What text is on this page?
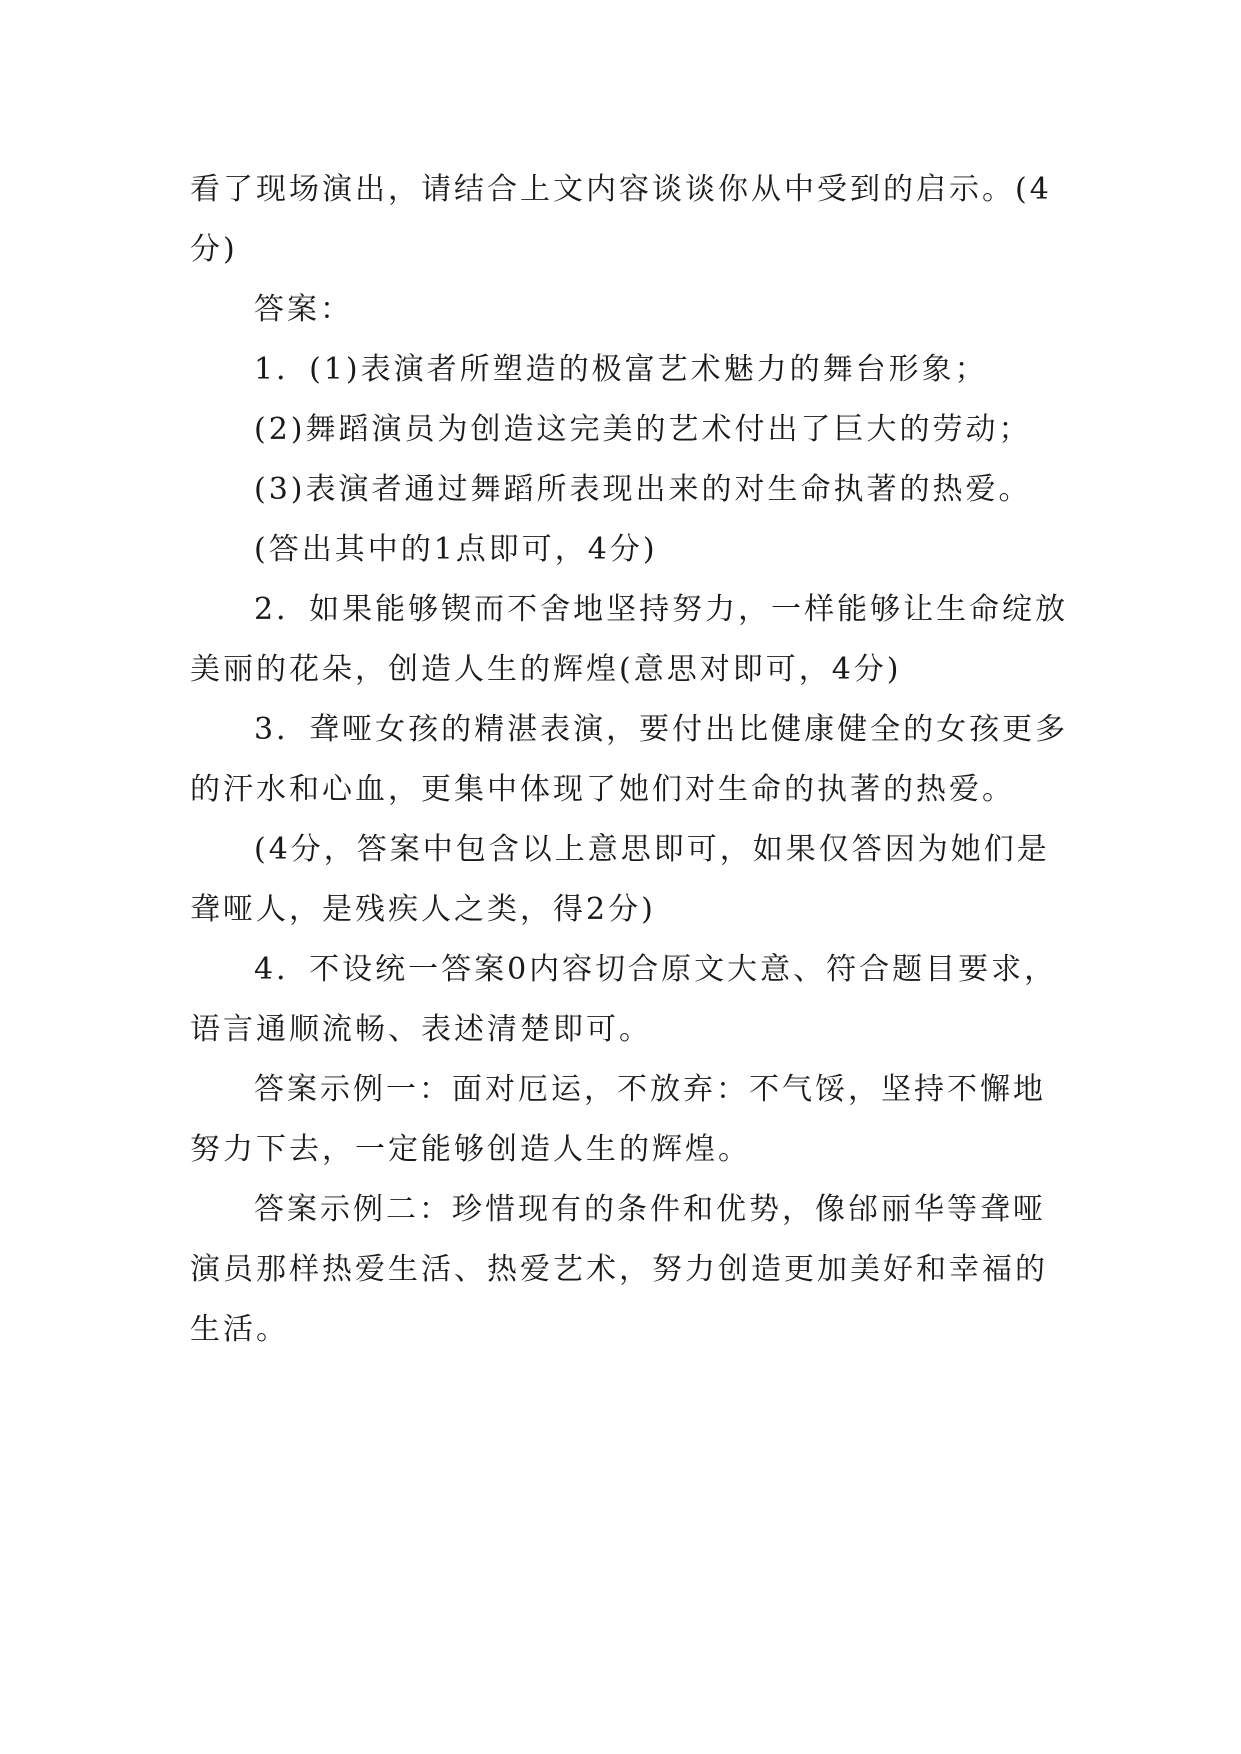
看了现场演出，请结合上文内容谈谈你从中受到的启示。(4分)

答案：

1．(1)表演者所塑造的极富艺术魅力的舞台形象；

(2)舞蹈演员为创造这完美的艺术付出了巨大的劳动；

(3)表演者通过舞蹈所表现出来的对生命执著的热爱。

(答出其中的1点即可，4分)

2．如果能够锲而不舍地坚持努力，一样能够让生命绽放美丽的花朵，创造人生的辉煌(意思对即可，4分)

3．聋哑女孩的精湛表演，要付出比健康健全的女孩更多的汗水和心血，更集中体现了她们对生命的执著的热爱。

(4分，答案中包含以上意思即可，如果仅答因为她们是聋哑人，是残疾人之类，得2分)

4．不设统一答案0内容切合原文大意、符合题目要求，语言通顺流畅、表述清楚即可。

答案示例一：面对厄运，不放弃：不气馁，坚持不懈地努力下去，一定能够创造人生的辉煌。

答案示例二：珍惜现有的条件和优势，像邰丽华等聋哑演员那样热爱生活、热爱艺术，努力创造更加美好和幸福的生活。
